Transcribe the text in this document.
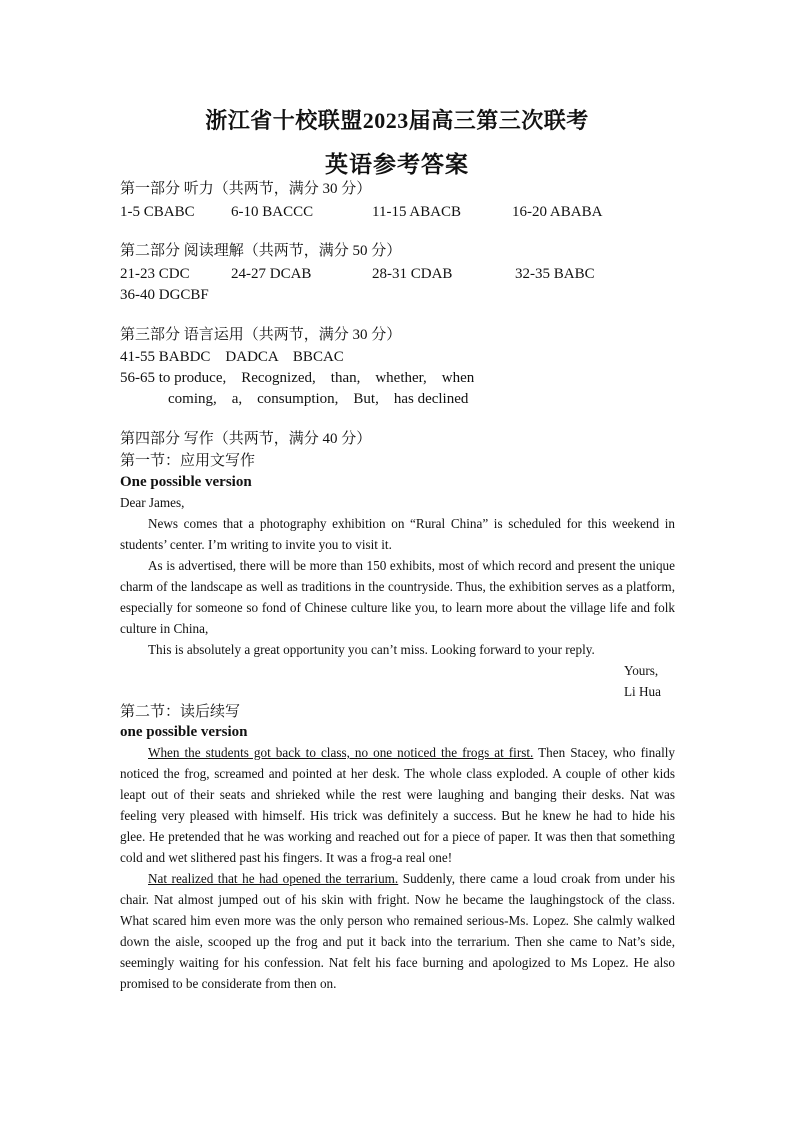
浙江省十校联盟2023届高三第三次联考
英语参考答案
第一部分 听力（共两节，满分 30 分）
1-5 CBABC 6-10 BACCC	11-15 ABACB	16-20 ABABA
第二部分 阅读理解（共两节，满分 50 分）
21-23 CDC	24-27 DCAB	28-31 CDAB	32-35 BABC
36-40 DGCBF
第三部分 语言运用（共两节，满分 30 分）
41-55 BABDC    DADCA    BBCAC
56-65 to produce,    Recognized,    than,    whether,    when
coming,    a,    consumption,    But,    has declined
第四部分 写作（共两节，满分 40 分）
第一节：应用文写作
One possible version
Dear James,

News comes that a photography exhibition on “Rural China” is scheduled for this weekend in students’ center. I’m writing to invite you to visit it.

As is advertised, there will be more than 150 exhibits, most of which record and present the unique charm of the landscape as well as traditions in the countryside. Thus, the exhibition serves as a platform, especially for someone so fond of Chinese culture like you, to learn more about the village life and folk culture in China,

This is absolutely a great opportunity you can’t miss. Looking forward to your reply.

Yours,
Li Hua
第二节：读后续写
one possible version

When the students got back to class, no one noticed the frogs at first. Then Stacey, who finally noticed the frog, screamed and pointed at her desk. The whole class exploded. A couple of other kids leapt out of their seats and shrieked while the rest were laughing and banging their desks. Nat was feeling very pleased with himself. His trick was definitely a success. But he knew he had to hide his glee. He pretended that he was working and reached out for a piece of paper. It was then that something cold and wet slithered past his fingers. It was a frog-a real one!

Nat realized that he had opened the terrarium. Suddenly, there came a loud croak from under his chair. Nat almost jumped out of his skin with fright. Now he became the laughingstock of the class. What scared him even more was the only person who remained serious-Ms. Lopez. She calmly walked down the aisle, scooped up the frog and put it back into the terrarium. Then she came to Nat’s side, seemingly waiting for his confession. Nat felt his face burning and apologized to Ms Lopez. He also promised to be considerate from then on.
